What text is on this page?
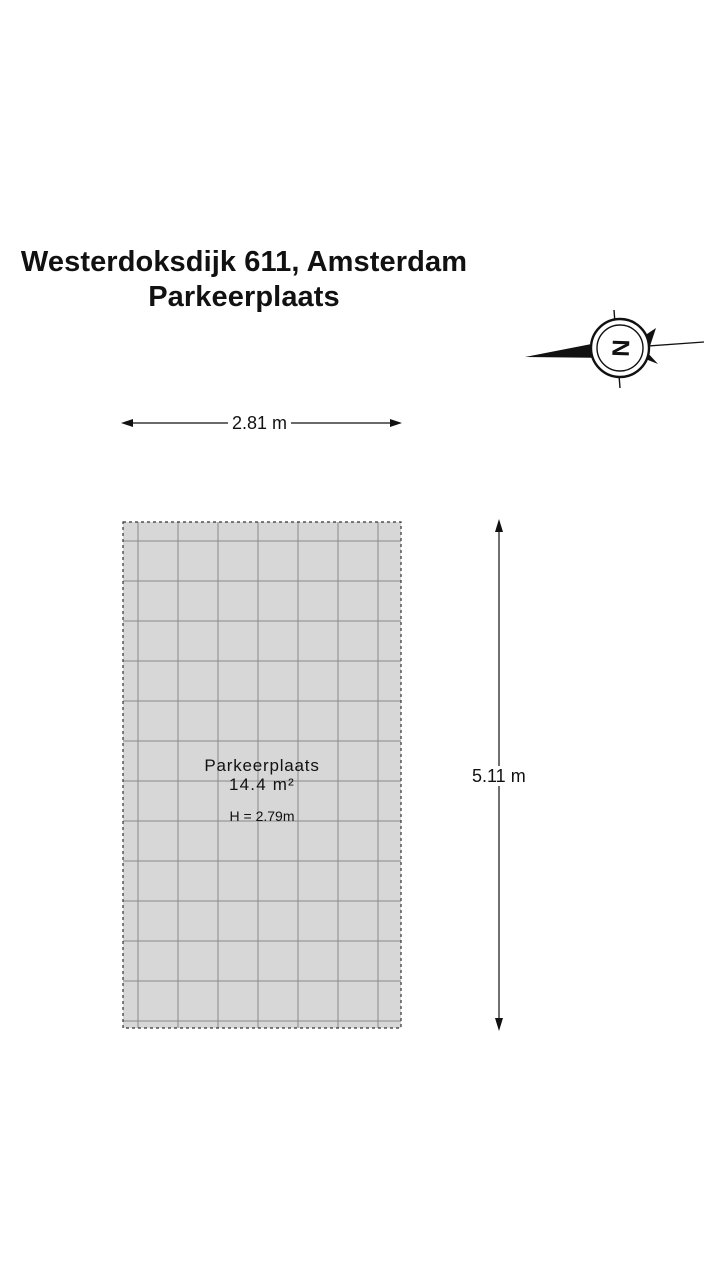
Westerdoksdijk 611, Amsterdam
Parkeerplaats
N
2.81 m
5.11 m
Parkeerplaats
14.4 m²
H = 2.79m
